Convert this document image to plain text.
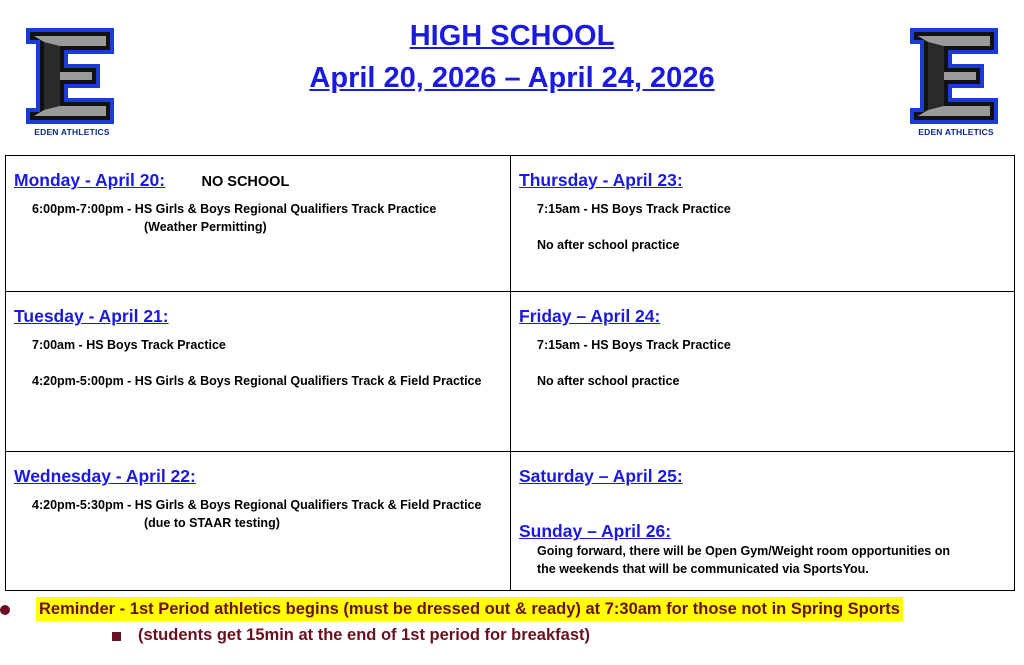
EDEN ATHLETICS
HIGH SCHOOL
April 20, 2026 – April 24, 2026
EDEN ATHLETICS
Monday - April 20:	NO SCHOOL
6:00pm-7:00pm - HS Girls & Boys Regional Qualifiers Track Practice
(Weather Permitting)
Thursday - April 23:
7:15am - HS Boys Track Practice
No after school practice
Tuesday - April 21:
7:00am - HS Boys Track Practice
4:20pm-5:00pm - HS Girls & Boys Regional Qualifiers Track & Field Practice
Friday – April 24:
7:15am - HS Boys Track Practice
No after school practice
Wednesday - April 22:
4:20pm-5:30pm - HS Girls & Boys Regional Qualifiers Track & Field Practice
(due to STAAR testing)
Saturday – April 25:
Sunday – April 26:
Going forward, there will be Open Gym/Weight room opportunities on
the weekends that will be communicated via SportsYou.
Reminder - 1st Period athletics begins (must be dressed out & ready) at 7:30am for those not in Spring Sports
(students get 15min at the end of 1st period for breakfast)
